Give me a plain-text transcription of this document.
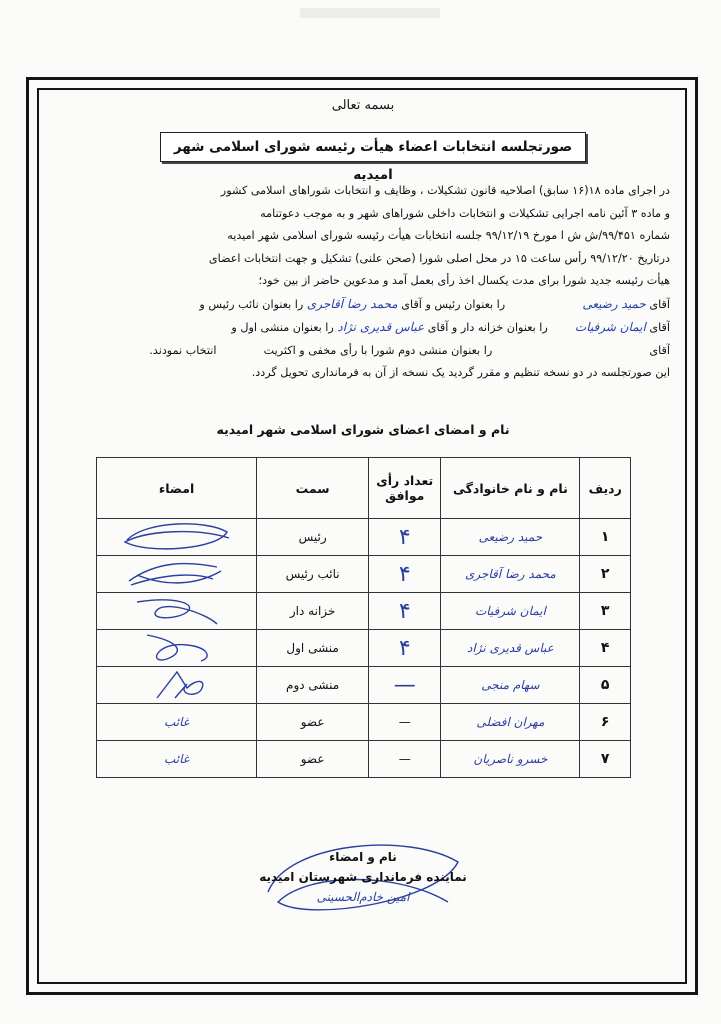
بسمه تعالی
صورتجلسه انتخابات اعضاء هیأت رئیسه شورای اسلامی شهر امیدیه

در اجرای ماده ۱۸(۱۶ سابق) اصلاحیه قانون تشکیلات ، وظایف و انتخابات شوراهای اسلامی کشور

و ماده ۳ آئین نامه اجرایی تشکیلات و انتخابات داخلی شوراهای شهر و به موجب دعوتنامه

شماره ۹۹/۴۵۱/ش ش ا مورخ ۹۹/۱۲/۱۹ جلسه انتخابات هیأت رئیسه شورای اسلامی شهر امیدیه

درتاریخ ۹۹/۱۲/۲۰ رأس ساعت ۱۵ در محل اصلی شورا (صحن علنی) تشکیل و جهت انتخابات اعضای

هیأت رئیسه جدید شورا برای مدت یکسال اخذ رأی بعمل آمد و مدعوین حاضر از بین خود؛

آقای حمید رضیعی  را بعنوان رئیس و آقای محمد رضا آقاجری را بعنوان نائب رئیس و

آقای ایمان شرفیات  را بعنوان خزانه دار و آقای عباس قدیری نژاد را بعنوان منشی اول و

آقای  را بعنوان منشی دوم شورا با رأی مخفی و اکثریت  انتخاب نمودند.

این صورتجلسه در دو نسخه تنظیم و مقرر گردید یک نسخه از آن به فرمانداری تحویل گردد.

نام و امضای اعضای شورای اسلامی شهر امیدیه
ردیف	نام و نام خانوادگی	تعداد رأی موافق	سمت	امضاء
۱	حمید رضیعی	۴	رئیس	

۲	محمد رضا آقاجری	۴	نائب رئیس	

۳	ایمان شرفیات	۴	خزانه دار	

۴	عباس قدیری نژاد	۴	منشی اول	

۵	سهام منجی	—	منشی دوم	

۶	مهران افضلی	—	عضو	غائب
۷	خسرو ناصریان	—	عضو	غائب
نام و امضاء
نماینده فرمانداری شهرستان امیدیه
امین خادم‌الحسینی
